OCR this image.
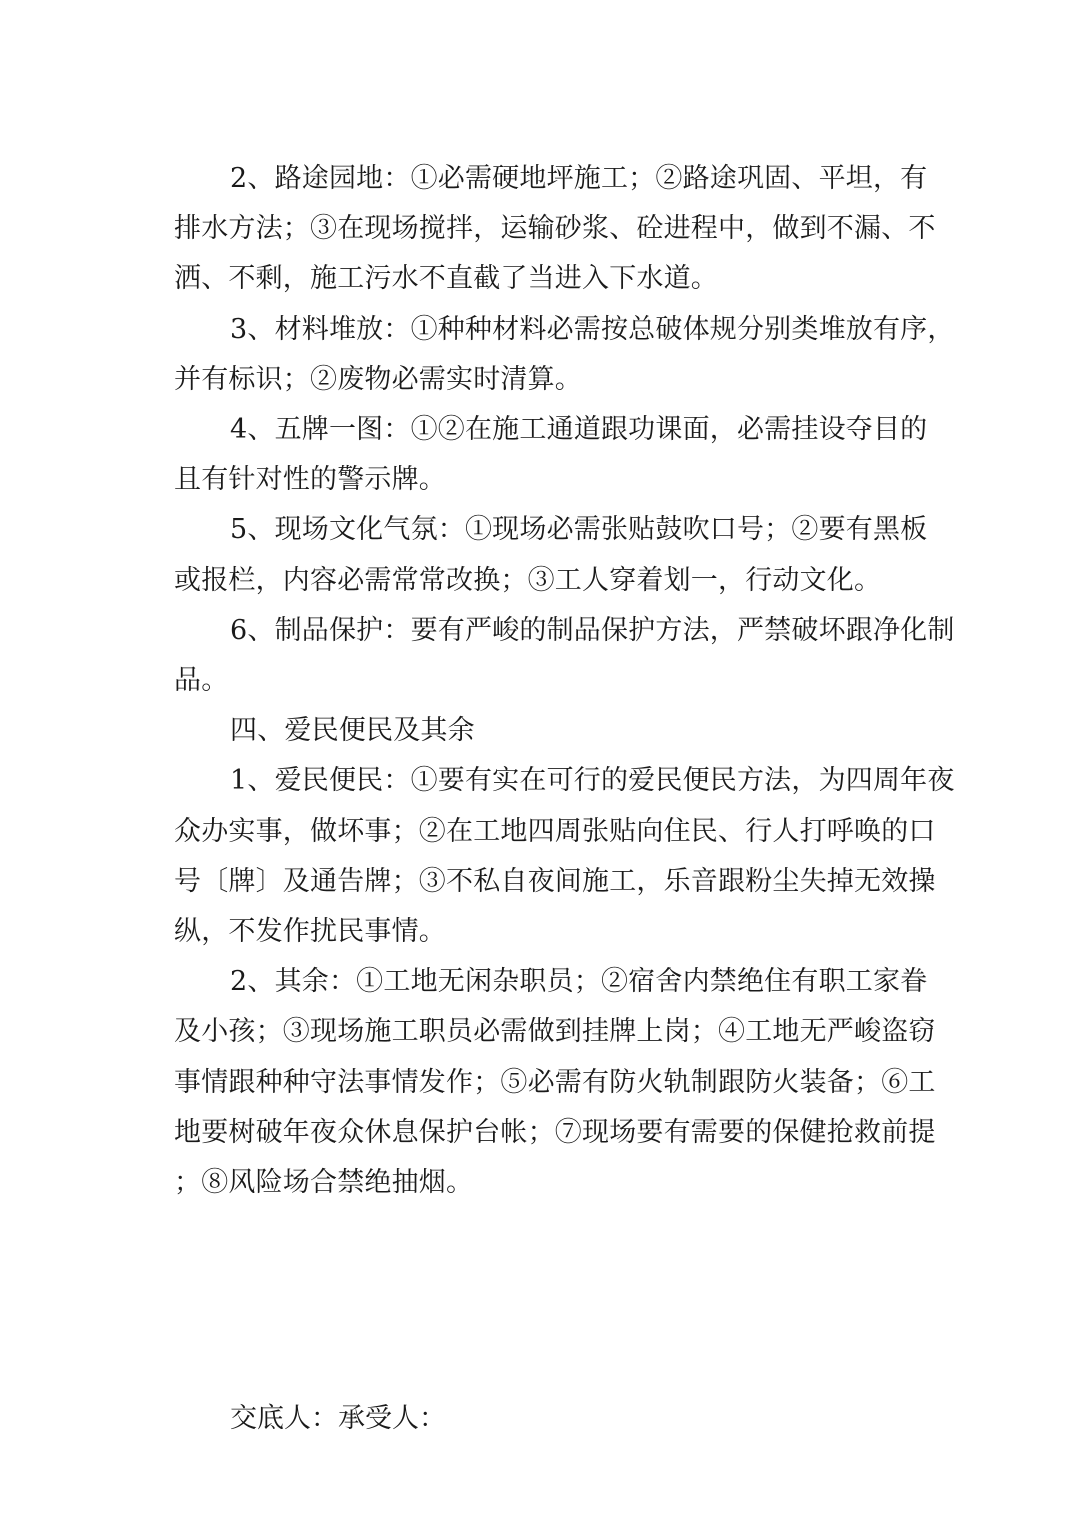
2、路途园地：①必需硬地坪施工；②路途巩固、平坦，有
排水方法；③在现场搅拌，运输砂浆、砼进程中，做到不漏、不
洒、不剩，施工污水不直截了当进入下水道。

3、材料堆放：①种种材料必需按总破体规分别类堆放有序，
并有标识；②废物必需实时清算。

4、五牌一图：①②在施工通道跟功课面，必需挂设夺目的
且有针对性的警示牌。

5、现场文化气氛：①现场必需张贴鼓吹口号；②要有黑板
或报栏，内容必需常常改换；③工人穿着划一，行动文化。

6、制品保护：要有严峻的制品保护方法，严禁破坏跟净化制
品。

四、爱民便民及其余

1、爱民便民：①要有实在可行的爱民便民方法，为四周年夜
众办实事，做坏事；②在工地四周张贴向住民、行人打呼唤的口
号〔牌〕及通告牌；③不私自夜间施工，乐音跟粉尘失掉无效操
纵，不发作扰民事情。

2、其余：①工地无闲杂职员；②宿舍内禁绝住有职工家眷
及小孩；③现场施工职员必需做到挂牌上岗；④工地无严峻盗窃
事情跟种种守法事情发作；⑤必需有防火轨制跟防火装备；⑥工
地要树破年夜众休息保护台帐；⑦现场要有需要的保健抢救前提
；⑧风险场合禁绝抽烟。

交底人：承受人：
